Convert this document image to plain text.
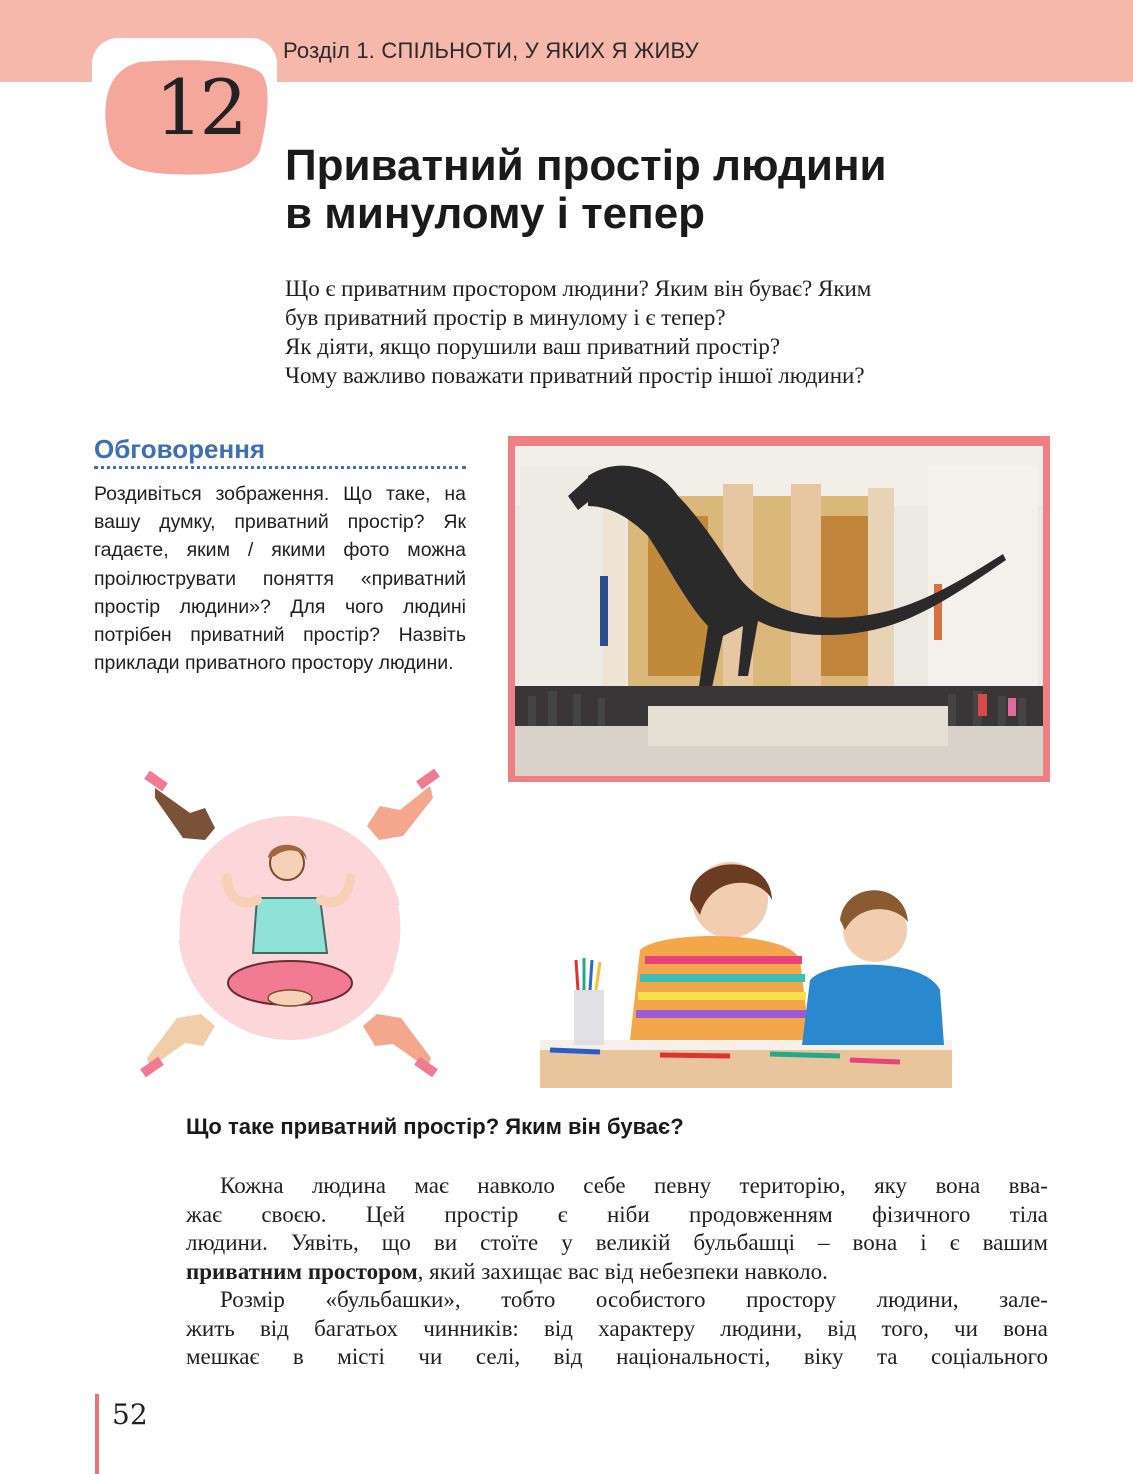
Розділ 1. СПІЛЬНОТИ, У ЯКИХ Я ЖИВУ
12
Приватний простір людини
в минулому і тепер
Що є приватним простором людини? Яким він буває? Яким
був приватний простір в минулому і є тепер?
Як діяти, якщо порушили ваш приватний простір?
Чому важливо поважати приватний простір іншої людини?
Обговорення
Роздивіться зображення. Що таке, на вашу думку, приватний простір? Як гадаєте, яким / якими фото можна проілюструвати поняття «приватний простір людини»? Для чого людині потрібен приватний простір? Назвіть приклади приватного простору людини.
Що таке приватний простір? Яким він буває?
Кожна людина має навколо себе певну територію, яку вона вва-
жає своєю. Цей простір є ніби продовженням фізичного тіла
людини. Уявіть, що ви стоїте у великій бульбашці – вона і є вашим
приватним простором , який захищає вас від небезпеки навколо.
Розмір «бульбашки», тобто особистого простору людини, зале-
жить від багатьох чинників: від характеру людини, від того, чи вона
мешкає в місті чи селі, від національності, віку та соціального
52
